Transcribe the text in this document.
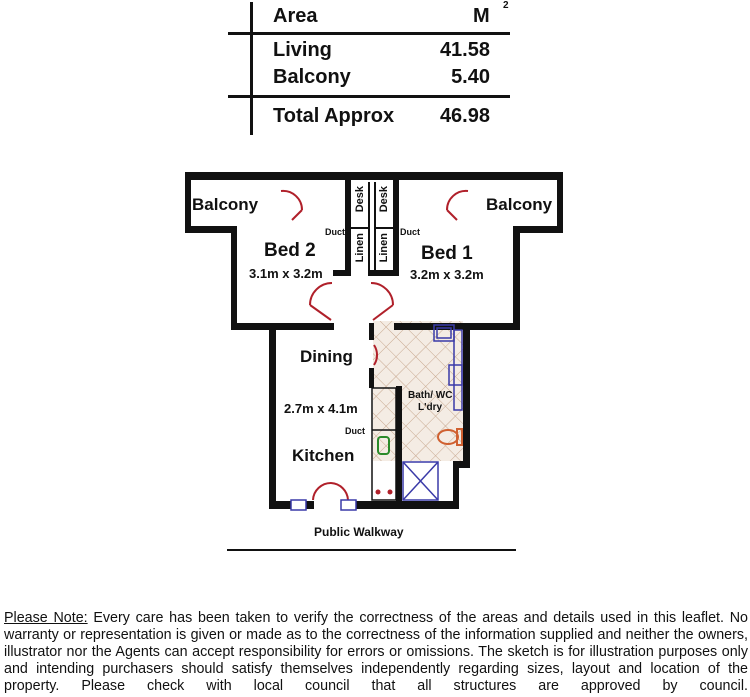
Area	M 2
Living	41.58
Balcony	5.40
Total Approx	46.98
Balcony	Balcony
Bed 2
3.1m x 3.2m
Duct
Bed 1
3.2m x 3.2m
Duct
Desk Desk
Linen Linen
Dining
2.7m x 4.1m
Duct
Kitchen
Bath/ WC
L'dry
Public Walkway
Please Note: Every care has been taken to verify the correctness of the areas and details used in this leaflet. No warranty or representation is given or made as to the correctness of the information supplied and neither the owners, illustrator nor the Agents can accept responsibility for errors or omissions. The sketch is for illustration purposes only and intending purchasers should satisfy themselves independently regarding sizes, layout and location of the property. Please check with local council that all structures are approved by council.
